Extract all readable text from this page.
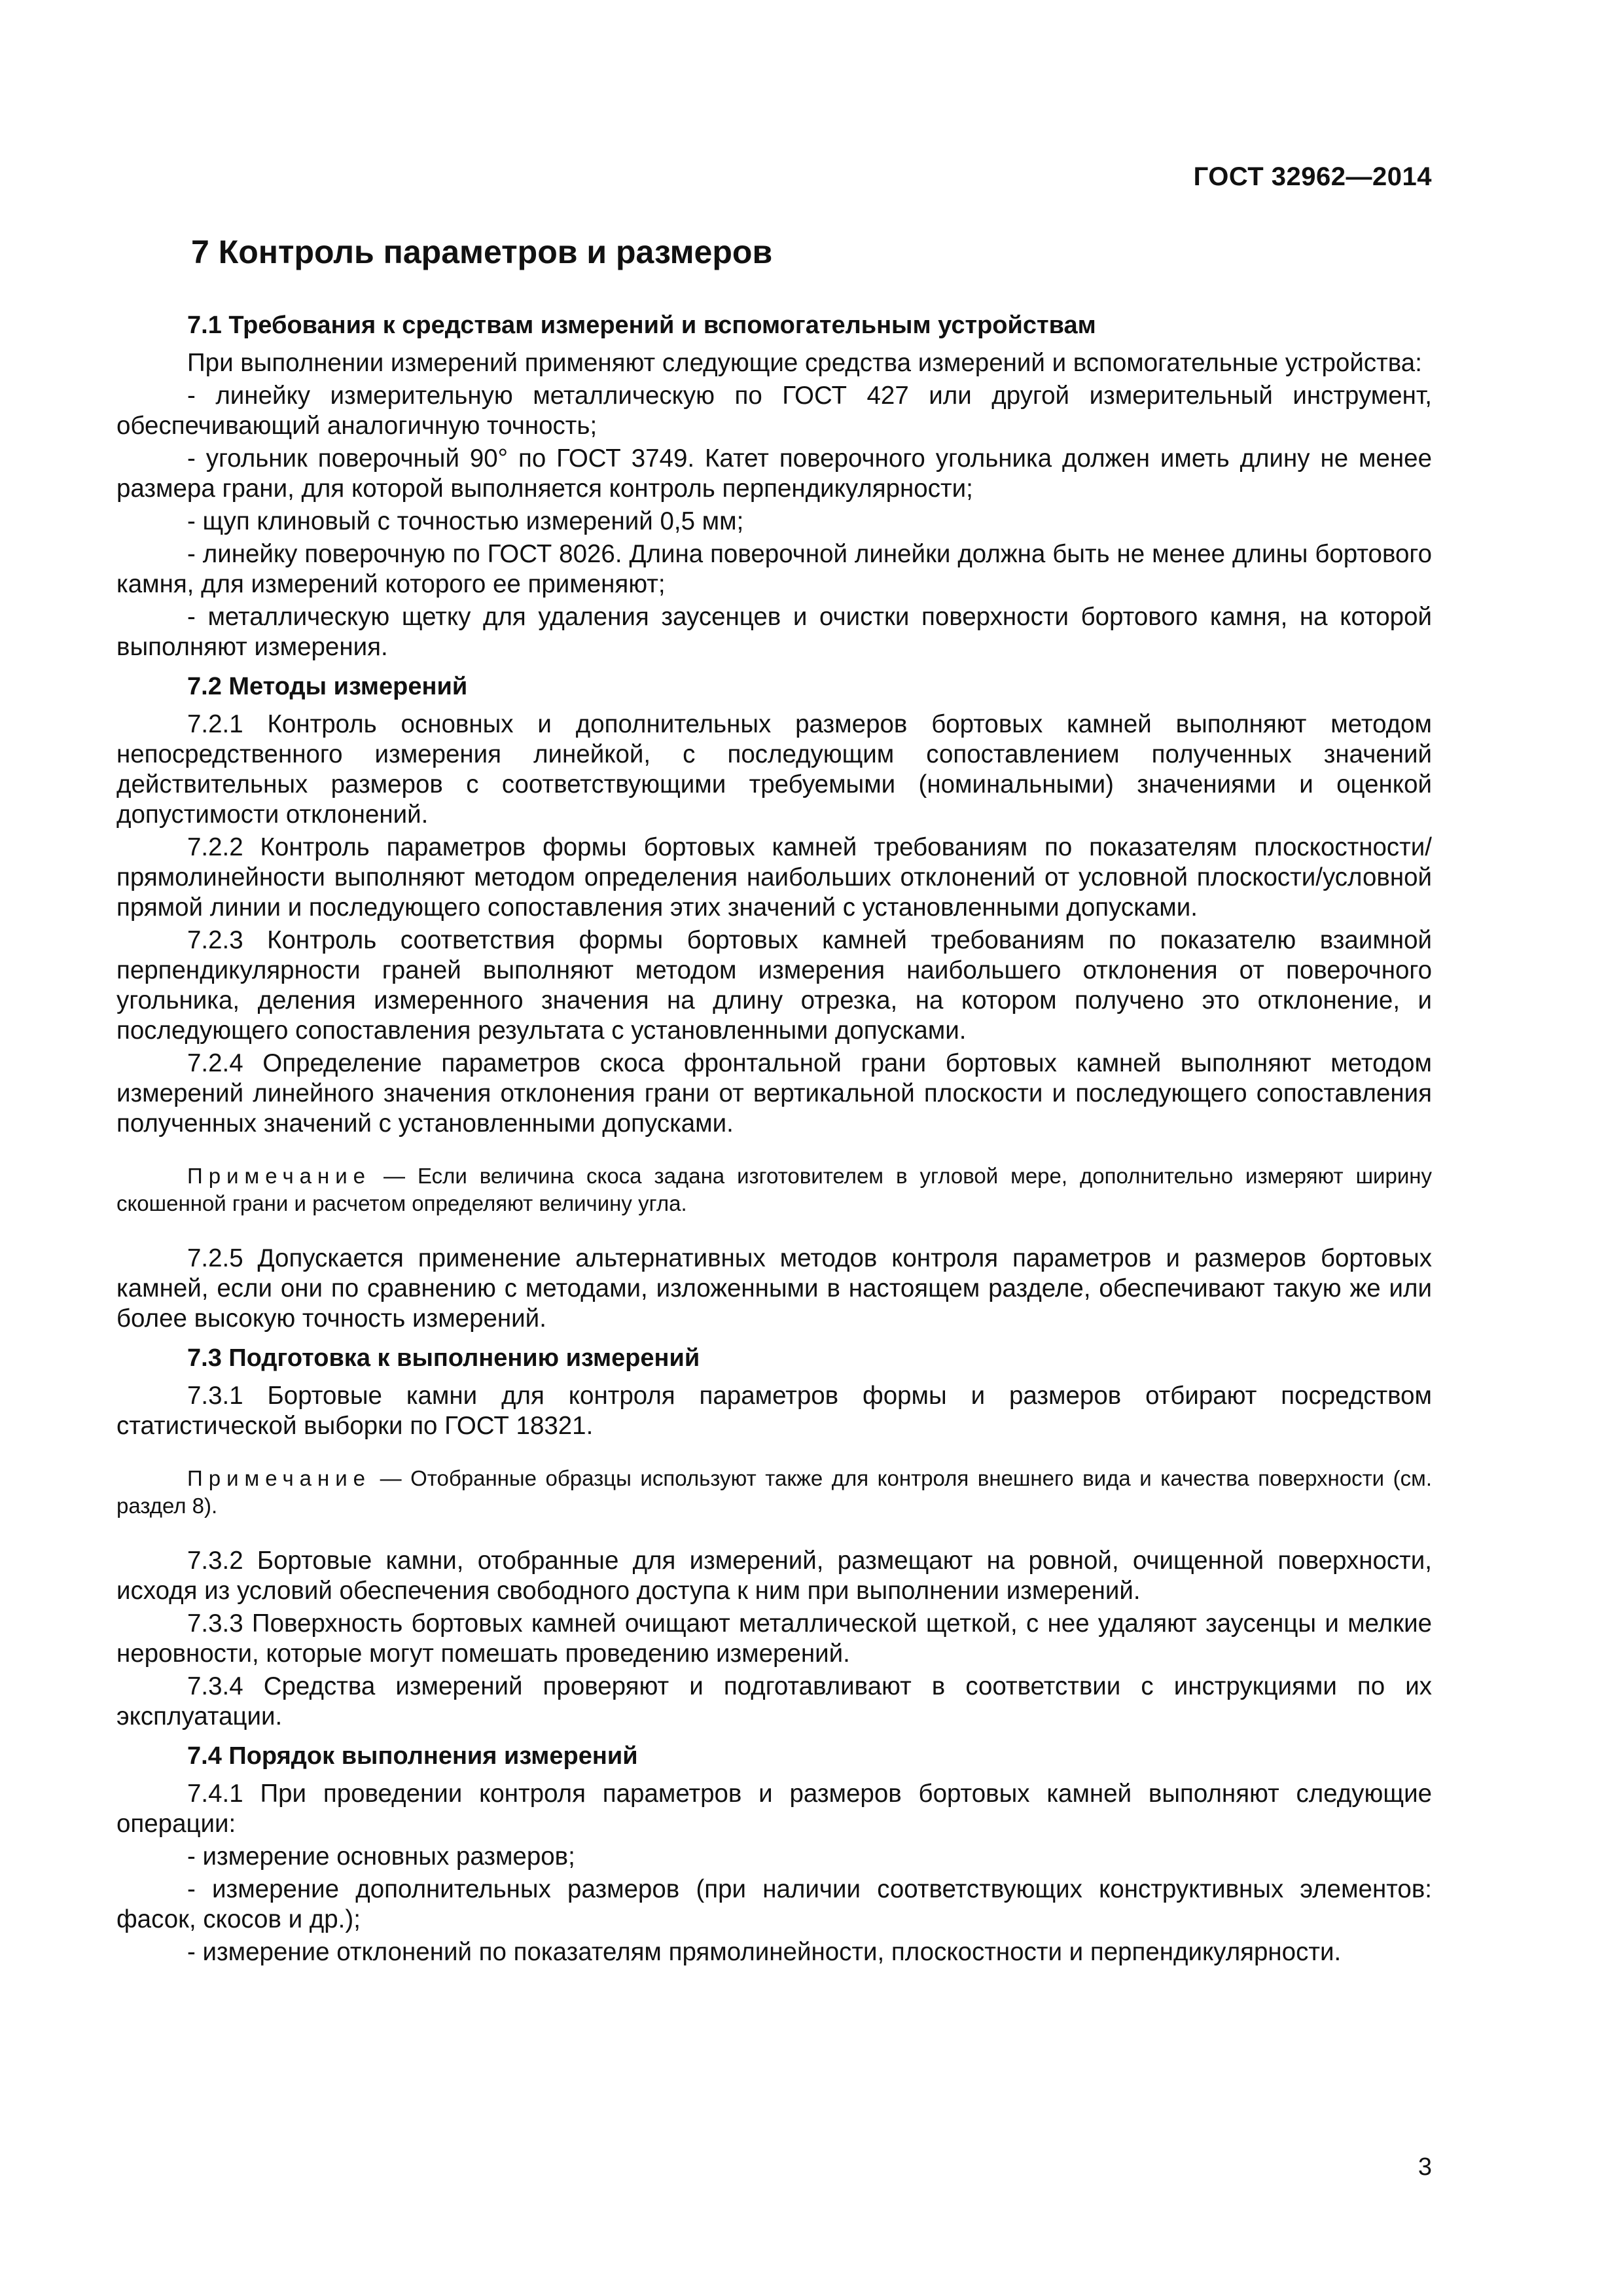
ГОСТ 32962—2014
7 Контроль параметров и размеров
7.1 Требования к средствам измерений и вспомогательным устройствам

При выполнении измерений применяют следующие средства измерений и вспомогательные устройства:

- линейку измерительную металлическую по ГОСТ 427 или другой измерительный инструмент, обеспечивающий аналогичную точность;

- угольник поверочный 90° по ГОСТ 3749. Катет поверочного угольника должен иметь длину не менее размера грани, для которой выполняется контроль перпендикулярности;

- щуп клиновый с точностью измерений 0,5 мм;

- линейку поверочную по ГОСТ 8026. Длина поверочной линейки должна быть не менее длины бортового камня, для измерений которого ее применяют;

- металлическую щетку для удаления заусенцев и очистки поверхности бортового камня, на которой выполняют измерения.

7.2 Методы измерений

7.2.1 Контроль основных и дополнительных размеров бортовых камней выполняют методом непосредственного измерения линейкой, с последующим сопоставлением полученных значений действительных размеров с соответствующими требуемыми (номинальными) значениями и оценкой допустимости отклонений.

7.2.2 Контроль параметров формы бортовых камней требованиям по показателям плоскостности/прямолинейности выполняют методом определения наибольших отклонений от условной плоскости/условной прямой линии и последующего сопоставления этих значений с установленными допусками.

7.2.3 Контроль соответствия формы бортовых камней требованиям по показателю взаимной перпендикулярности граней выполняют методом измерения наибольшего отклонения от поверочного угольника, деления измеренного значения на длину отрезка, на котором получено это отклонение, и последующего сопоставления результата с установленными допусками.

7.2.4 Определение параметров скоса фронтальной грани бортовых камней выполняют методом измерений линейного значения отклонения грани от вертикальной плоскости и последующего сопоставления полученных значений с установленными допусками.

Примечание — Если величина скоса задана изготовителем в угловой мере, дополнительно измеряют ширину скошенной грани и расчетом определяют величину угла.

7.2.5 Допускается применение альтернативных методов контроля параметров и размеров бортовых камней, если они по сравнению с методами, изложенными в настоящем разделе, обеспечивают такую же или более высокую точность измерений.

7.3 Подготовка к выполнению измерений

7.3.1 Бортовые камни для контроля параметров формы и размеров отбирают посредством статистической выборки по ГОСТ 18321.

Примечание — Отобранные образцы используют также для контроля внешнего вида и качества поверхности (см. раздел 8).

7.3.2 Бортовые камни, отобранные для измерений, размещают на ровной, очищенной поверхности, исходя из условий обеспечения свободного доступа к ним при выполнении измерений.

7.3.3 Поверхность бортовых камней очищают металлической щеткой, с нее удаляют заусенцы и мелкие неровности, которые могут помешать проведению измерений.

7.3.4 Средства измерений проверяют и подготавливают в соответствии с инструкциями по их эксплуатации.

7.4 Порядок выполнения измерений

7.4.1 При проведении контроля параметров и размеров бортовых камней выполняют следующие операции:

- измерение основных размеров;

- измерение дополнительных размеров (при наличии соответствующих конструктивных элементов: фасок, скосов и др.);

- измерение отклонений по показателям прямолинейности, плоскостности и перпендикулярности.

3
